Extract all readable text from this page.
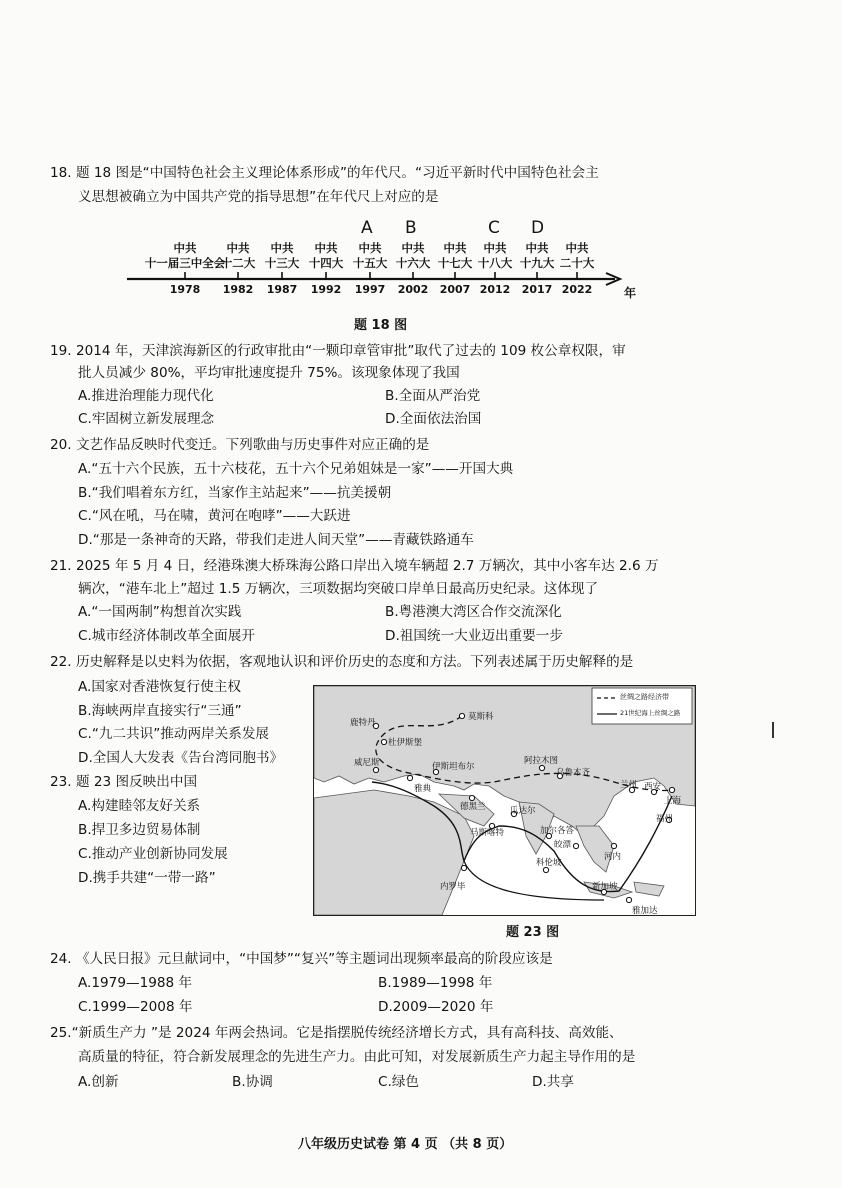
18. 题 18 图是“中国特色社会主义理论体系形成”的年代尺。“习近平新时代中国特色社会主
义思想被确立为中国共产党的指导思想”在年代尺上对应的是
A B	C D
中共
十一届三中全会
1978
中共
十二大
1982
中共
十三大
1987
中共
十四大
1992
中共
十五大
1997
中共
十六大
2002
中共
十七大
2007
中共
十八大
2012
中共
十九大
2017
中共
二十大
2022	年
题 18 图
19. 2014 年，天津滨海新区的行政审批由“一颗印章管审批”取代了过去的 109 枚公章权限，审
批人员减少 80%，平均审批速度提升 75%。该现象体现了我国
A.推进治理能力现代化	B.全面从严治党
C.牢固树立新发展理念	D.全面依法治国
20. 文艺作品反映时代变迁。下列歌曲与历史事件对应正确的是
A.“五十六个民族，五十六枝花，五十六个兄弟姐妹是一家”——开国大典
B.“我们唱着东方红，当家作主站起来”——抗美援朝
C.“风在吼，马在啸，黄河在咆哮”——大跃进
D.“那是一条神奇的天路，带我们走进人间天堂”——青藏铁路通车
21. 2025 年 5 月 4 日，经港珠澳大桥珠海公路口岸出入境车辆超 2.7 万辆次，其中小客车达 2.6 万
辆次，“港车北上”超过 1.5 万辆次，三项数据均突破口岸单日最高历史纪录。这体现了
A.“一国两制”构想首次实践	B.粤港澳大湾区合作交流深化
C.城市经济体制改革全面展开	D.祖国统一大业迈出重要一步
22. 历史解释是以史料为依据，客观地认识和评价历史的态度和方法。下列表述属于历史解释的是
A.国家对香港恢复行使主权
B.海峡两岸直接实行“三通”
C.“九二共识”推动两岸关系发展
D.全国人大发表《告台湾同胞书》
23. 题 23 图反映出中国
A.构建睦邻友好关系
B.捍卫多边贸易体制
C.推动产业创新协同发展
D.携手共建“一带一路”
丝绸之路经济带
21世纪海上丝绸之路
莫斯科
鹿特丹
杜伊斯堡
威尼斯
雅典
伊斯坦布尔
阿拉木图
乌鲁木齐
兰州 西安
上海
福州
德黑兰	瓜达尔
马斯喀特	加尔各答
皎漂
河内
科伦坡
内罗毕	新加坡
雅加达
题 23 图
24. 《人民日报》元旦献词中，“中国梦”“复兴”等主题词出现频率最高的阶段应该是
A.1979—1988 年	B.1989—1998 年
C.1999—2008 年	D.2009—2020 年
25.“新质生产力 ”是 2024 年两会热词。它是指摆脱传统经济增长方式，具有高科技、高效能、
高质量的特征，符合新发展理念的先进生产力。由此可知，对发展新质生产力起主导作用的是
A.创新	B.协调	C.绿色	D.共享
八年级历史试卷 第 4 页 （共 8 页）
